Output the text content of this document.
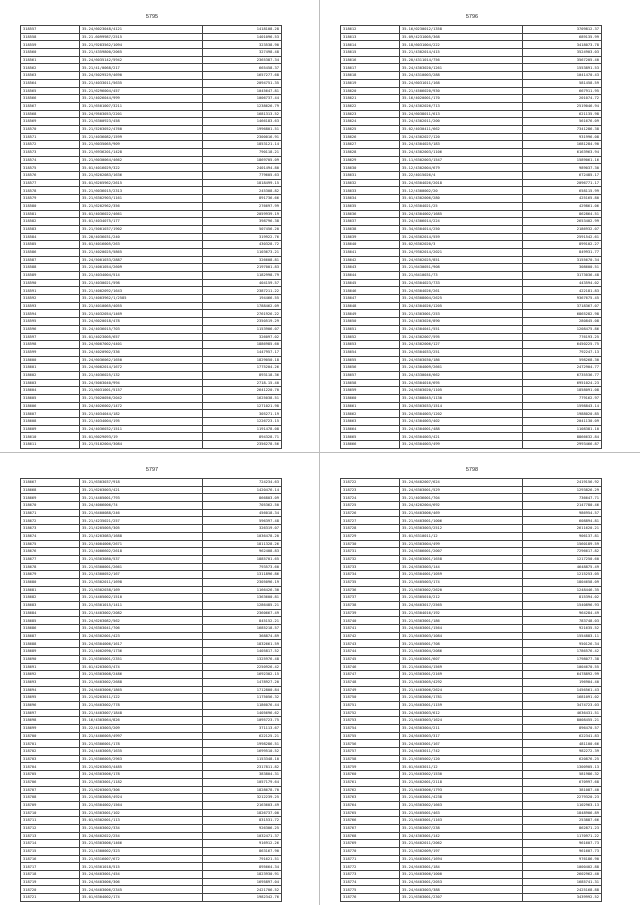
5795
318557	35.24/6023048/4121	1418108.28
318558	35.21.6099987/2515	1401096.53
318559	35.21/9283562/1094	323538.90
318560	35.21/4359800/2065	327498.48
318561	35.24/6035142/5942	2365387.34
318562	35.21/41/0068/217	665458.37
318563	35.24/5029529/4690	1657277.68
318564	35.21/4033011/5635	2094751.35
318565	35.21/6296004/457	1045647.81
318566	35.21/4026044/999	1006737.44
318567	35.21/6501007/3211	1238626.79
318568	35.24/9503053/2201	1681313.52
318569	35.21/6300923/458	1466183.63
318570	35.21/5203052/4760	1996801.51
318571	35.21/4036082/1599	2300016.91
318572	35.21/6035065/909	1853121.14
318573	35.21/6936201/1428	790118.21
318574	35.21/6030064/4662	1869705.09
318575	35.01/4016029/322	2401494.80
318576	35.21/6202083/1636	779605.63
318577	35.01/6205962/2615	1818499.15
318578	35.21/6036015/2313	245308.82
318579	35.21/6302903/1161	891736.66
318580	35.21/6202962/356	276697.99
318581	35.01/4036022/4661	2059939.19
318582	35.01/4034075/177	398796.38
318583	35.21/5001037/1902	507456.20
318584	35.20/4036031/240	319922.76
318585	35.01/4016005/263	430328.72
318586	35.21/4020025/5865	1103673.21
318587	35.24/5001033/2887	326608.81
318588	35.21/4001054/2609	2197001.83
318589	35.21/4034004/514	1182998.79
318590	35.21/4030021/598	404159.57
318591	35.21/4002092/1643	2387211.22
318592	35.21/4003962/1/2585	194466.55
318593	35.21/4010065/4055	1788462.09
318594	35.21/4032054/1469	2761926.22
318595	35.24/6020018/478	2350519.29
318596	35.24/4036015/703	1153906.07
318597	35.01/4023005/657	326097.02
318598	35.24/6007002/4401	1886985.60
318599	35.24/4020902/336	1447957.17
318600	35.24/6036062/1650	1829050.18
318601	35.24/6002014/1672	1775204.26
318602	35.21/4036025/132	893118.36
318603	35.24/5003040/994	2718.15.40
318604	35.21/6031001/5157	2641220.70
318605	35.21/5020056/2042	1625038.51
318606	35.24/4026002/1472	1271021.98
318607	35.21/4034044/182	305271.19
318608	35.21/4034004/195	1226723.15
318609	35.24/4036032/1511	1191478.08
318610	35.01/6029093/19	894328.71
318611	35.21/5102004/3084	2356278.56
5796
318612	35.16/0230012/1358	3709812.37
318613	35.09/4231005/368	689135.99
318614	35.18/6031004/222	3418073.78
318615	35.21/4302014/415	3524903.03
318616	35.20/4311014/756	3567205.40
318617	35.24/4303020/1261	1553891.53
318618	35.24/4310003/288	1041470.43
318619	35.24/6031011/168	581458.59
318620	35.21/4506020/930	667911.95
318621	35.16/4020001/170	201074.72
318622	35.24/4302026/713	2519046.94
318623	35.24/6038011/613	621135.98
318624	35.24/4302011/200	561676.09
318625	35.02/4030411/662	7341286.38
318626	35.24/4302027/120	931996.08
318627	35.24/4304025/183	1681284.90
318628	35.24/4302003/1106	6163963.94
318629	35.11/6302003/1547	1589061.16
318630	35.12/4302004/679	989037.30
318631	35.22/4015026/4	672485.17
318632	35.24/6304026/2018	2096771.17
318633	35.12/4300002/20	658115.99
318634	35.01/4302006/280	425165.80
318635	35.12/6304021/25	429861.06
318636	35.24/4304002/1685	862864.51
318637	35.24/4306014/224	2653402.99
318638	35.34/6304014/250	2186932.07
318639	35.24/6302014/559	2591542.61
318640	35.02/6302020/3	899102.27
318641	35.24/9302014/2021	849931.77
318642	35.24/6302025/851	3155670.34
318643	35.21/6430051/908	308600.51
318644	35.21/6410031/73	3173036.48
318645	35.24/6304023/733	443594.02
318646	35.24/6304026/261	422181.83
318647	35.24/6308004/2625	9367675.45
318648	35.24/4304026/1205	3718367.07
318649	35.21/4303001/253	6865282.98
318650	35.24/4303026/890	280845.08
318651	35.24/4304041/551	1208475.86
318652	35.24/4302007/595	776193.25
318653	35.24/4302006/127	6450225.75
318654	35.24/6304033/251	792247.13
318655	35.24/6303030/186	598268.30
318656	35.24/4304009/2661	2472904.77
318657	35.24/4330046/662	6735536.77
318658	35.24/6304016/695	6951024.23
318659	35.24/6303020/1105	1858091.08
318660	35.24/4308045/1130	779162.97
318661	35.24/6303033/1514	1598843.14
318662	35.24/6304003/1202	1988020.85
318663	35.24/4304003/402	2041130.09
318664	35.24/4304001/488	1108381.10
318665	35.24/6304003/421	8866632.84
318666	35.24/6304003/499	2993466.87
5797
318667	35.21/6303037/918	724234.63
318668	35.21/6203003/421	1420476.14
318669	35.21/4405001/793	866803.09
318670	35.24/4006006/74	705362.50
318671	35.21/6400088/246	456018.34
318672	35.21/4235021/257	596397.48
318673	35.21/4205005/305	326319.07
318674	35.21/4203083/1688	1036478.20
318675	35.21/4004006/2671	1811328.26
318676	35.21/4006602/2618	962408.83
318677	35.21/6303080/537	1885701.65
318678	35.21/6300001/2661	793573.60
318679	35.21/4300052/167	1311896.86
318680	35.21/6302011/1698	2305096.19
318681	35.21/6302038/169	1166426.30
318682	35.21/4405002/1510	1363600.81
318683	35.21/6301015/1411	1286485.21
318684	35.21/4403002/2082	2360667.49
318685	35.24/6203082/562	845152.21
318686	35.24/6303041/706	1685218.57
318687	35.24/6302001/423	368874.89
318688	35.24/6304006/1617	1832661.59
318689	35.21/4002090/1736	1405817.52
318690	35.21/6305001/2351	1325976.48
318691	35.01/4203003/474	2250926.42
318692	35.21/6303008/2486	1692302.15
318693	35.21/6403002/2688	1478927.20
318694	35.24/6403006/1865	1712800.84
318695	35.21/6203011/122	1175056.32
318696	35.21/6403002/778	1186076.44
318697	35.21/4403007/1848	1405696.62
318698	35.16/4303064/826	1095723.75
318699	35.22/4103003/209	371113.67
318700	35.21/4406005/4997	622125.21
318701	35.21/6306001/178	1998286.51
318702	35.24/4403005/1635	1699510.52
318703	35.21/6306005/2963	1153348.10
318704	35.21/6203003/4485	2317811.82
318705	35.24/6303006/178	383804.31
318706	35.21/6303001/1182	1057179.64
318707	35.21/6203003/306	1828678.70
318708	35.21/6303005/4924	3212239.25
318709	35.21/6304002/1564	2163603.49
318710	35.21/6303001/102	1826737.00
318711	35.01/6302001/113	831531.72
318712	35.21/6403002/334	926306.25
318713	35.24/6402022/254	1032471.37
318714	35.21/6303006/1466	916912.26
318715	35.21/4300002/323	863167.90
318716	35.21/6316007/672	791621.51
318717	35.21/6301018/515	895664.34
318718	35.24/6403001/454	1823930.91
318719	35.24/6403006/306	1695897.04
318720	35.24/6403006/2345	2421706.52
318721	35.01/6304002/174	1982342.76
5798
318722	35.24/6402007/624	2419156.92
318723	35.24/6303001/529	1293826.29
318724	35.21/4036001/704	736647.71
318725	35.24/4202004/692	2147780.46
318726	35.21/6403006/469	986954.57
318727	35.21/6403001/1006	608894.81
318728	35.21/6303003/2512	2611620.21
318729	35.01/6310011/12	906137.81
318730	35.21/6303004/499	1560189.59
318731	35.24/6306001/2007	7296617.82
318732	35.24/6303001/1658	1217250.60
318733	35.24/6303003/144	4648875.49
318734	35.21/6304001/1059	1215253.05
318735	35.21/6405003/174	1804658.09
318736	35.21/6303002/2620	1248446.35
318737	35.21/6305010/212	815394.02
318738	35.24/6403017/2565	1540896.93
318739	35.21/6304016/192	964284.49
318740	35.21/6303001/186	783748.03
318741	35.24/6403001/1564	921635.52
318742	35.21/6403003/1084	1554883.11
318743	35.21/6405001/708	950126.34
318744	35.21/6403004/2086	1786576.42
318745	35.21/6403001/607	1798077.38
318746	35.21/6403004/1569	1004670.55
318747	35.21/6303001/2169	6478892.99
318748	35.21/6403005/4292	196904.40
318749	35.21/4403006/2624	1456561.43
318750	35.21/6303006/1781	1681091.02
318751	35.21/6403001/1159	3474723.03
318752	35.24/6403003/612	4636431.51
318753	35.21/6403003/1624	8008455.21
318754	35.24/6303004/211	896470.57
318755	35.24/6403003/317	622341.83
318756	35.24/6403001/167	481100.66
318757	35.24/6403011/742	982272.39
318758	35.21/6305002/120	620876.25
318759	35.01/6403011/12	1300905.13
318760	35.21/6403002/1530	581986.32
318761	35.21/6402001/2118	670997.68
318762	35.21/6403006/1793	381087.40
318763	35.21/6403001/4238	2279320.23
318764	35.21/6303002/1663	1102963.13
318765	35.21/6405001/463	1848906.89
318766	35.21/6403001/1163	253887.66
318767	35.21/6303007/238	862871.23
318768	35.24/4303001/142	1170971.22
318769	35.21/6402011/2062	961607.73
318770	35.21/6302009/197	961607.73
318771	35.21/6403001/1694	976186.90
318772	35.24/6403001/184	1000402.88
318773	35.21/6403006/1000	2602962.40
318774	35.24/6403001/2053	1685741.31
318775	35.24/6403003/388	2425168.88
318776	35.21/6303001/2307	3439992.52
